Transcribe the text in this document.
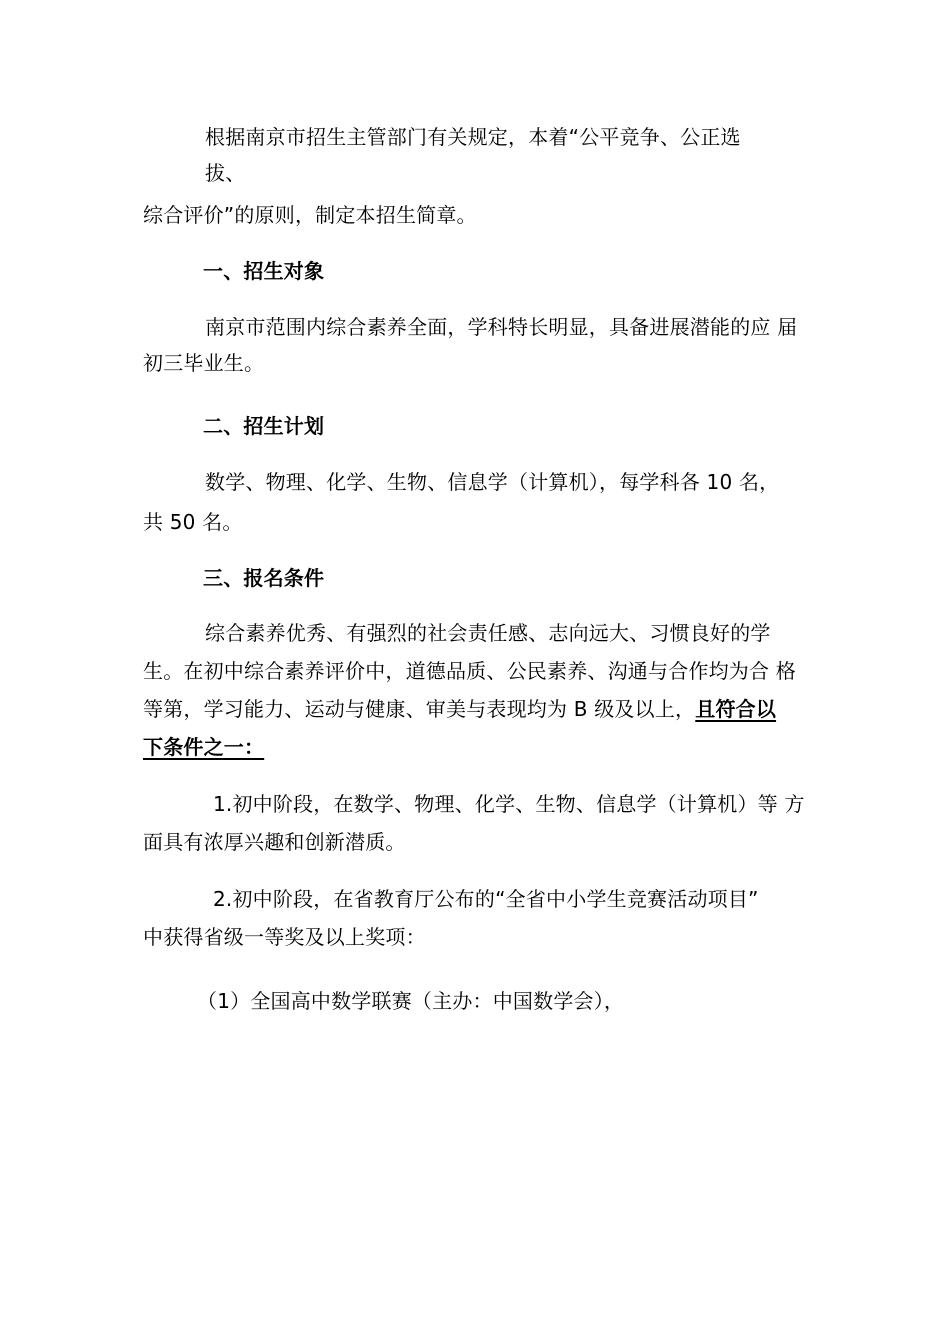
根据南京市招生主管部门有关规定，本着“公平竞争、公正选
拔、
综合评价”的原则，制定本招生简章。
一、招生对象
南京市范围内综合素养全面，学科特长明显，具备进展潜能的应 届
初三毕业生。
二、招生计划
数学、物理、化学、生物、信息学（计算机），每学科各 10 名，
共 50 名。
三、报名条件
综合素养优秀、有强烈的社会责任感、志向远大、习惯良好的学
生。在初中综合素养评价中，道德品质、公民素养、沟通与合作均为合 格
等第，学习能力、运动与健康、审美与表现均为 B 级及以上，且符合以
下条件之一：
1.初中阶段，在数学、物理、化学、生物、信息学（计算机）等 方
面具有浓厚兴趣和创新潜质。
2.初中阶段，在省教育厅公布的“全省中小学生竞赛活动项目”
中获得省级一等奖及以上奖项：
（1）全国高中数学联赛（主办：中国数学会），
